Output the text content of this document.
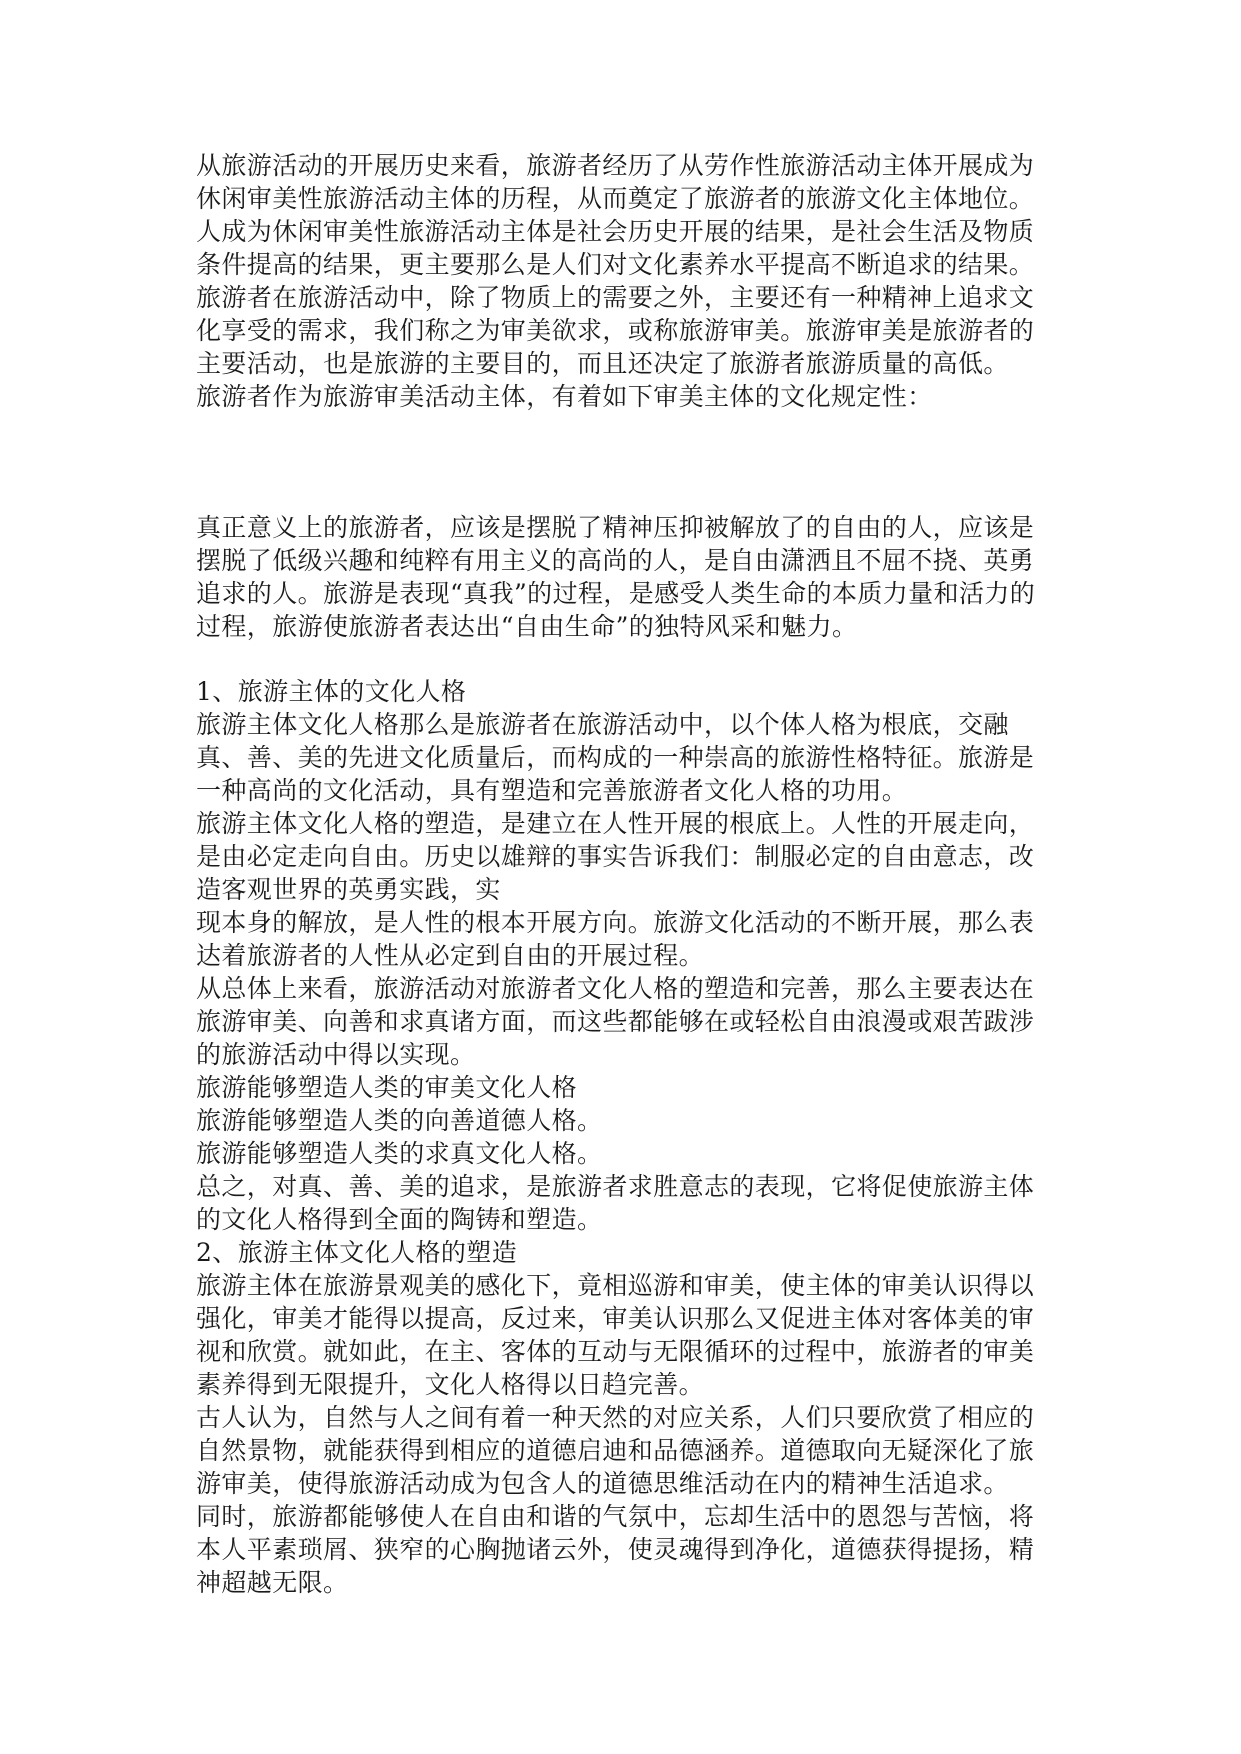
从旅游活动的开展历史来看，旅游者经历了从劳作性旅游活动主体开展成为休闲审美性旅游活动主体的历程，从而奠定了旅游者的旅游文化主体地位。

人成为休闲审美性旅游活动主体是社会历史开展的结果，是社会生活及物质条件提高的结果，更主要那么是人们对文化素养水平提高不断追求的结果。

旅游者在旅游活动中，除了物质上的需要之外，主要还有一种精神上追求文化享受的需求，我们称之为审美欲求，或称旅游审美。旅游审美是旅游者的主要活动，也是旅游的主要目的，而且还决定了旅游者旅游质量的高低。

旅游者作为旅游审美活动主体，有着如下审美主体的文化规定性：

真正意义上的旅游者，应该是摆脱了精神压抑被解放了的自由的人，应该是摆脱了低级兴趣和纯粹有用主义的高尚的人，是自由潇洒且不屈不挠、英勇追求的人。旅游是表现“真我”的过程，是感受人类生命的本质力量和活力的过程，旅游使旅游者表达出“自由生命”的独特风采和魅力。

1、旅游主体的文化人格

旅游主体文化人格那么是旅游者在旅游活动中，以个体人格为根底，交融真、善、美的先进文化质量后，而构成的一种崇高的旅游性格特征。旅游是一种高尚的文化活动，具有塑造和完善旅游者文化人格的功用。

旅游主体文化人格的塑造，是建立在人性开展的根底上。人性的开展走向，是由必定走向自由。历史以雄辩的事实告诉我们：制服必定的自由意志，改造客观世界的英勇实践，实

现本身的解放，是人性的根本开展方向。旅游文化活动的不断开展，那么表达着旅游者的人性从必定到自由的开展过程。

从总体上来看，旅游活动对旅游者文化人格的塑造和完善，那么主要表达在旅游审美、向善和求真诸方面，而这些都能够在或轻松自由浪漫或艰苦跋涉的旅游活动中得以实现。

旅游能够塑造人类的审美文化人格

旅游能够塑造人类的向善道德人格。

旅游能够塑造人类的求真文化人格。

总之，对真、善、美的追求，是旅游者求胜意志的表现，它将促使旅游主体的文化人格得到全面的陶铸和塑造。

2、旅游主体文化人格的塑造

旅游主体在旅游景观美的感化下，竟相巡游和审美，使主体的审美认识得以强化，审美才能得以提高，反过来，审美认识那么又促进主体对客体美的审视和欣赏。就如此，在主、客体的互动与无限循环的过程中，旅游者的审美素养得到无限提升，文化人格得以日趋完善。

古人认为，自然与人之间有着一种天然的对应关系，人们只要欣赏了相应的自然景物，就能获得到相应的道德启迪和品德涵养。道德取向无疑深化了旅游审美，使得旅游活动成为包含人的道德思维活动在内的精神生活追求。

同时，旅游都能够使人在自由和谐的气氛中，忘却生活中的恩怨与苦恼，将本人平素琐屑、狭窄的心胸抛诸云外，使灵魂得到净化，道德获得提扬，精神超越无限。
